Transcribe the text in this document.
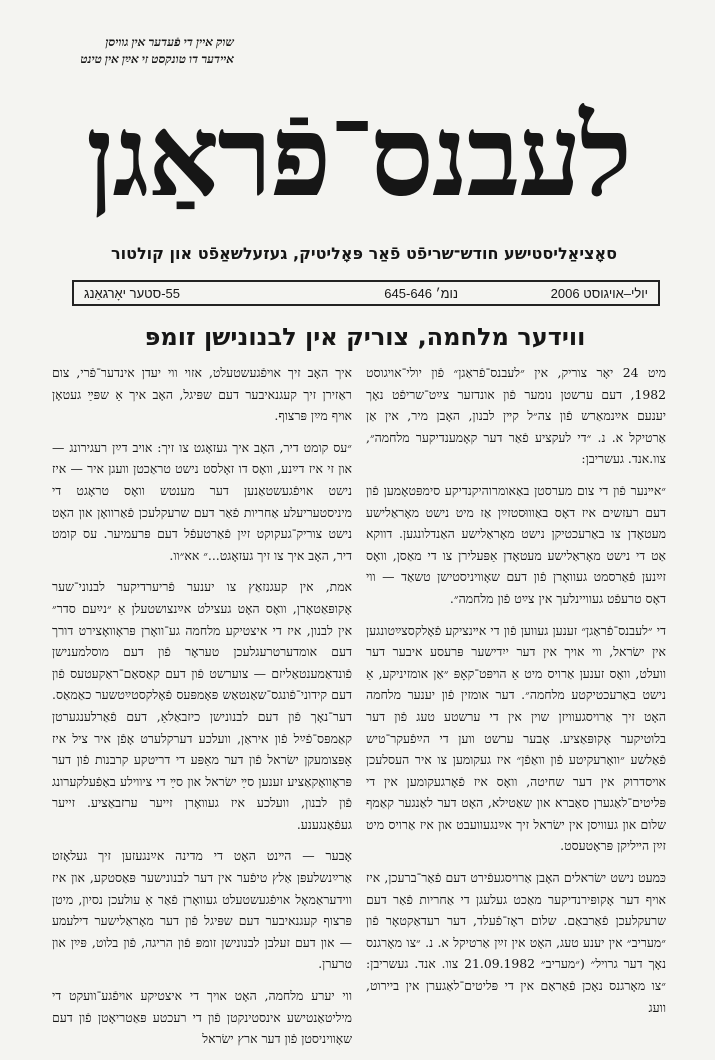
שוק איין די פֿעדער אין גוויסן
אײדער דו טונקסט זי אײַן אין טינט
לעבנס־פֿראַגן
סאָציאַליסטישע חודש־שריפֿט פֿאַר פּאָליטיק, געזעלשאַפֿט און קולטור
יולי–אויגוסט 2006
נומ׳ 645-646
55-סטער יאָרגאַנג
ווידער מלחמה, צוריק אין לבנונישן זומפּ

מיט 24 יאָר צוריק, אין ״לעבנס־פֿראַגן״ פֿון יולי־אויגוסט 1982, דעם ערשטן נומער פֿון אונדזער צײַט־שריפֿט נאָך יענעם אײַנמאַרש פֿון צה״ל קײן לבנון, האָבן מיר, אין אַן אַרטיקל א. נ. ״די לעקציע פֿאַר דער קאָמענדיקער מלחמה״, צוו.אנד. געשריבן:

״אײנער פֿון די צום מערסטן באַאומרוהיקנדיקע סימפּטאָמען פֿון דעם רעזשים איז דאָס באַוווּסטזײַן אַז מיט נישט מאָראַלישע מעטאָדן צו באַרעכטיקן נישט מאָראַלישע האַנדלונגען. דווקא אַט די נישט מאָראַלישע מעטאָדן אַפּעלירן צו די מאַסן, וואָס זײַנען פֿאַרסמט געוואָרן פֿון דעם שאָוויניסטישן טשאַד — ווי דאָס טרעפֿט געוויינלעך אין צײַט פֿון מלחמה״.

די ״לעבנס־פֿראַגן״ זענען געווען פֿון די אײנציקע פֿאָלקסצײַטונגען אין ישׂראל, ווי אויך אין דער ייִדישער פּרעסע איבער דער וועלט, וואָס זענען אַרויס מיט אַ הויפּט־קאָפּ ״אַן אומזיניקע, אַ נישט באַרעכטיקטע מלחמה״. דער אומזין פֿון יענער מלחמה האָט זיך אַרויסגעוויזן שוין אין די ערשטע טעג פֿון דער בלוטיקער אָקופּאַציע. אָבער ערשט ווען די הײַפֿעקר־טיש פֿאַלשע ״וואָרעקיטע פֿון וואַפֿן״ איז געקומען צו איר העסלעכן אויסדרוק אין דער שחיטה, וואָס איז פֿאָרגעקומען אין די פּליטים־לאַגערן סאַברא און שאַטילא, האָט דער לאַנגער קאַמף שלום און געוויסן אין ישׂראל זיך אײַנגעוועבט און איז אַרויס מיט זײַן הײליקן פּראָטעסט.

כּמעט נישט ישׂראלים האָבן אַרויסגעפֿירט דעם פֿאַר־ברעכן, איז אויף דער אָקופּירנדיקער מאַכט געלעגן די אַחריות פֿאַר דעם שרעקלעכן פֿאַרבאַם. שלום ראָז־פֿעלד, דער רעדאַקטאָר פֿון ״מעריב״ אין יענע טעג, האָט אין זײַן אַרטיקל א. נ. ״צו מאָרגנס נאָך דער גרויל״ (״מעריב״ 21.09.1982 צוו. אנד. געשריבן: ״צו מאָרגנס נאָכן פֿאַראַם אין די פּליטים־לאַגערן אין ביירוט, וועג

איך האָב זיך אויפֿגעשטעלט, אזוי ווי יעדן אינדער־פֿרי, צום ראַזירן זיך קעגנאיבער דעם שפּיגל, האָב איך אַ שפּײַ געטאָן אויף מײַן פּרצוף.

״עס קומט דיר, האָב איך געזאָגט צו זיך: אויב דײַן רעגירונג — און זי איז דײַנע, וואָס דו זאָלסט נישט טראַכטן וועגן איר — איז נישט אויפֿגעשטאַנען דער מענטש וואָס טראָגט די מיניסטעריעלע אַחריות פֿאַר דעם שרעקלעכן פֿאַרוואָן און האָט נישט צוריק־געקוקט זײַן פֿאַרטעפֿל דעם פּרעמיער. עס קומט דיר, האָב איך צו זיך געזאָגט...״ אא״וו.

אמת, אין קעגנזאַץ צו יענער פֿריערדיקער לבנוני־שער אָקופּאַטאָרן, וואָס האָט געצילט אײַנצושטעלן אַ ״נײַעם סדר״ אין לבנון, איז די איצטיקע מלחמה גע־וואָרן פּראָוואָצירט דורך דעם אומדערטרעגלעכן טעראָר פֿון דעם מוסלמענישן פֿונדאַמענטאַליזם — צוערשט פֿון דעם קאַסאַם־ראַקעטעס פֿון דעם קידוני־פֿונגס־שאַנטאַש פּאָמפּעס פֿאָלקסטײַטשער כאַמאַס. דער־נאָך פֿון דעם לבנונישן כיזבאַלאַ, דעם פֿאַרלענגערטן קאַמפּס־פֿײַל פֿון איראַן, וועלכע דערקלערט אָפֿן איר ציל איז אָפּצומעקן ישׂראל פֿון דער מאַפּע די דריטקע קרבנות פֿון דער פּראָוואָקאַציע זענען סײַ ישׂראל און סײַ די ציווילע באַפֿעלקערונג פֿון לבנון, וועלכע איז געוואָרן זייער ערזבאַציע. זייער געפֿאַנגענע.

אָבער — הײנט האָט די מדינה אײַנגעזען זיך געלאָזט אַרײַנשלעפּן אַלץ טיפֿער אין דער לבנונישער פּאַסטקע, און איז ווידעראַמאָל אויפֿגעשטעלט געוואָרן פֿאַר אַ עולעכן נסיון, מיטן פּרצוף קעגנאיבער דעם שפּיגל פֿון דער מאָראַלישער דילעמע — און דעם זעלבן לבנונישן זומפּ פֿון הריגה, פֿון בלוט, פּײַן און טרערן.

ווי יערע מלחמה, האָט אויך די איצטיקע אויפֿגע־וועקט די מיליטאַנטישע אינסטינקטן פֿון די רעכטע פּאַטריאָטן פֿון דעם שאָוויניסטן פֿון דער ארץ ישׂראל
